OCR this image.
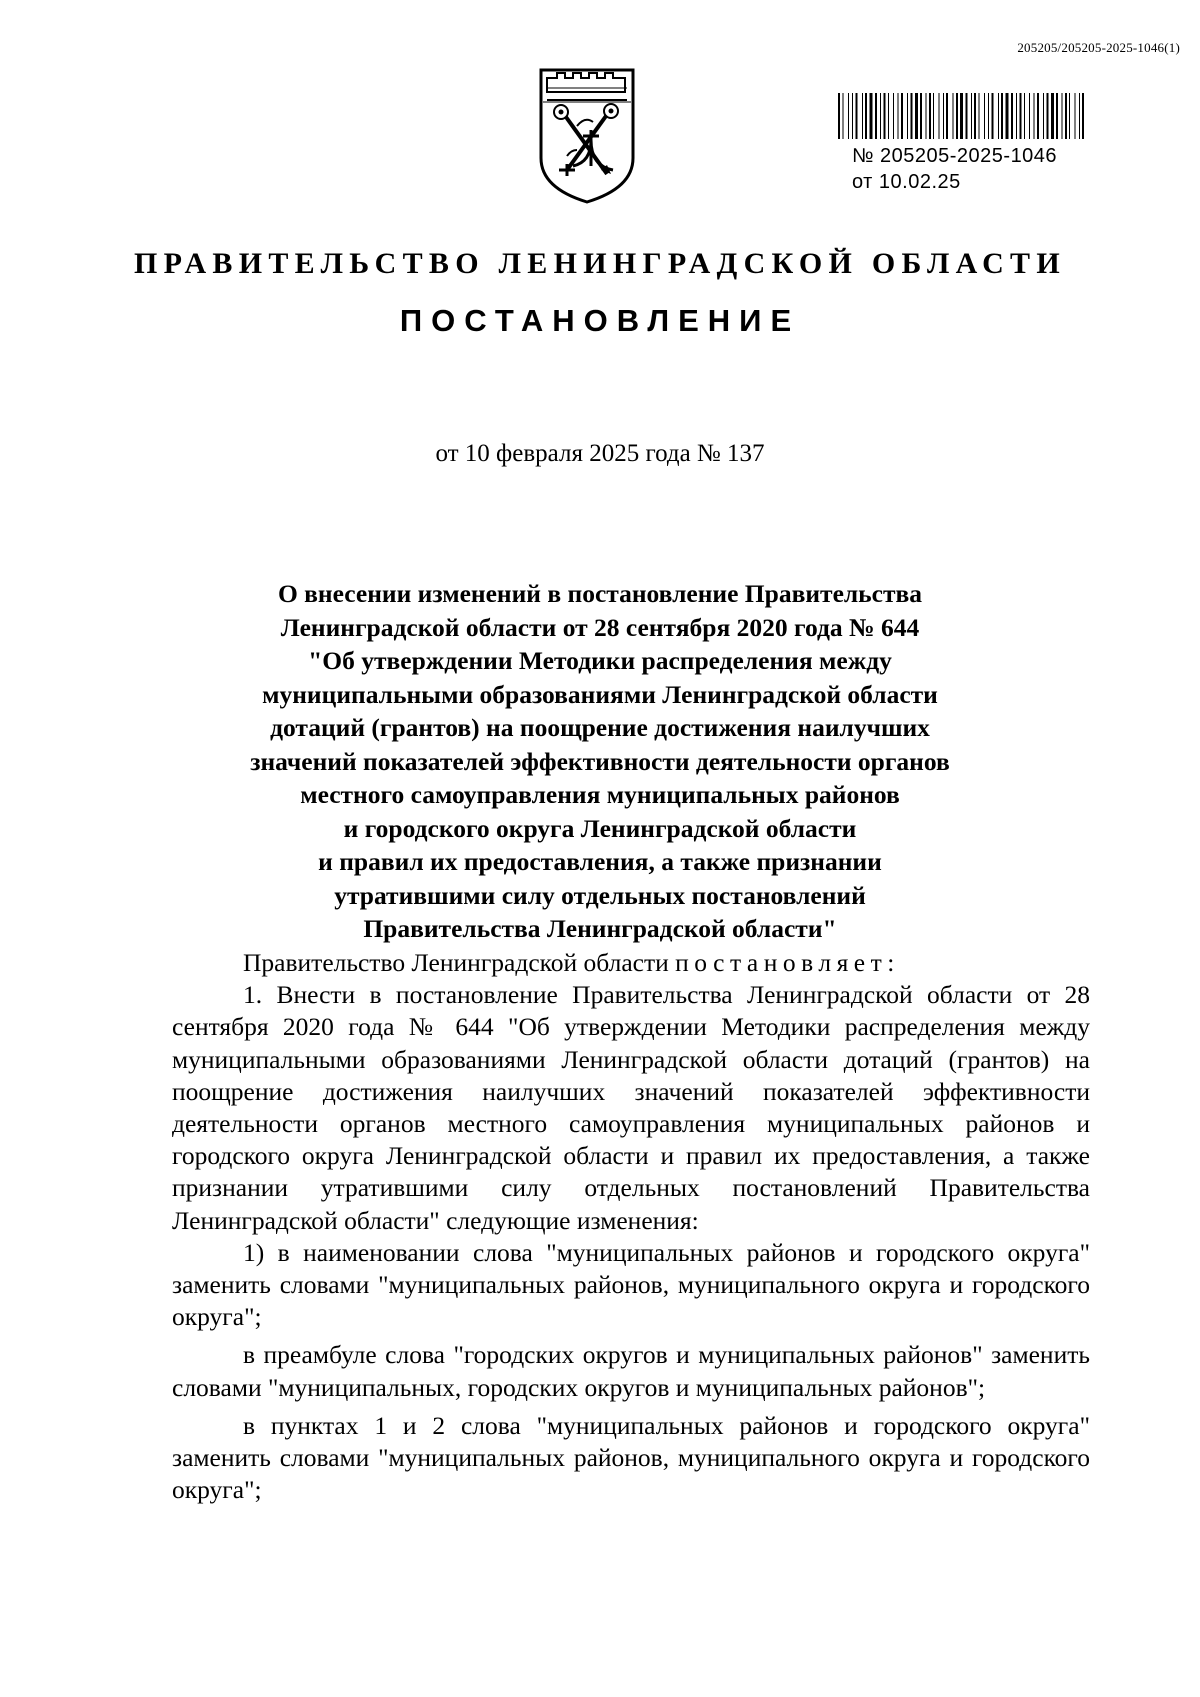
205205/205205-2025-1046(1)
№ 205205-2025-1046
от 10.02.25
ПРАВИТЕЛЬСТВО ЛЕНИНГРАДСКОЙ ОБЛАСТИ
ПОСТАНОВЛЕНИЕ
от 10 февраля 2025 года № 137
О внесении изменений в постановление Правительства
Ленинградской области от 28 сентября 2020 года № 644
"Об утверждении Методики распределения между
муниципальными образованиями Ленинградской области
дотаций (грантов) на поощрение достижения наилучших
значений показателей эффективности деятельности органов
местного самоуправления муниципальных районов
и городского округа Ленинградской области
и правил их предоставления, а также признании
утратившими силу отдельных постановлений
Правительства Ленинградской области"

Правительство Ленинградской области постановляет:

1. Внести в постановление Правительства Ленинградской области от 28 сентября 2020 года № 644 "Об утверждении Методики распределения между муниципальными образованиями Ленинградской области дотаций (грантов) на поощрение достижения наилучших значений показателей эффективности деятельности органов местного самоуправления муниципальных районов и городского округа Ленинградской области и правил их предоставления, а также признании утратившими силу отдельных постановлений Правительства Ленинградской области" следующие изменения:

1) в наименовании слова "муниципальных районов и городского округа" заменить словами "муниципальных районов, муниципального округа и городского округа";

в преамбуле слова "городских округов и муниципальных районов" заменить словами "муниципальных, городских округов и муниципальных районов";

в пунктах 1 и 2 слова "муниципальных районов и городского округа" заменить словами "муниципальных районов, муниципального округа и городского округа";
